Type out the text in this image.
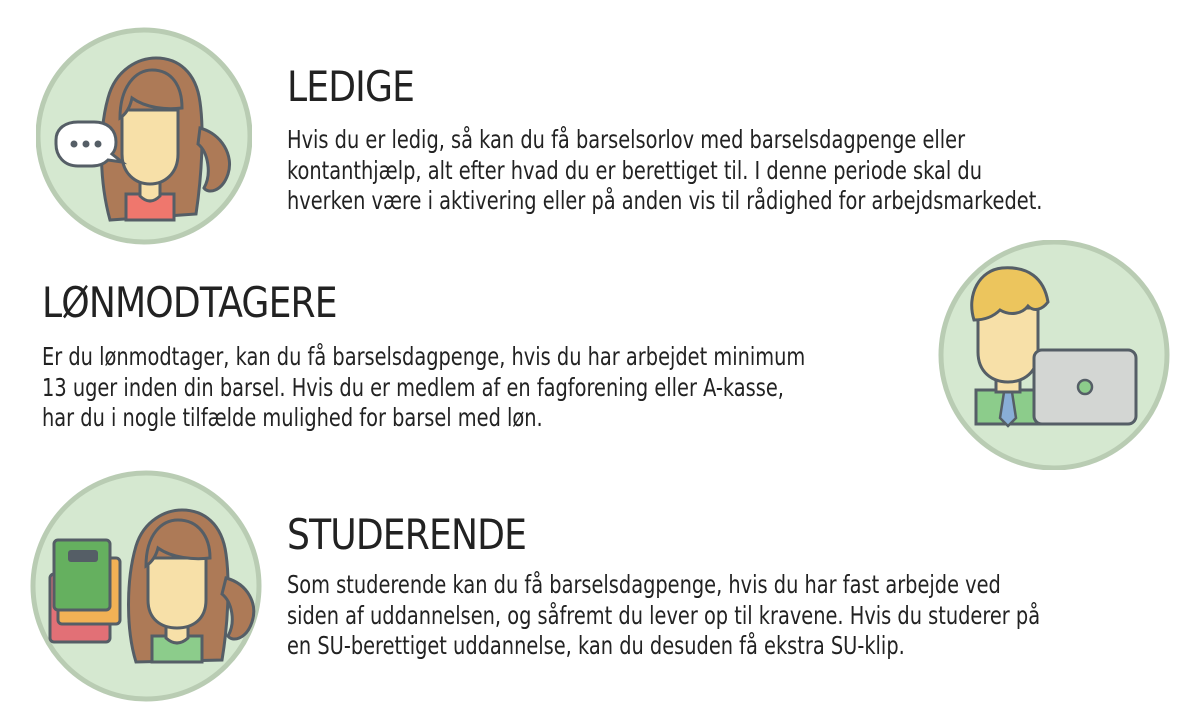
LEDIGE
Hvis du er ledig, så kan du få barselsorlov med barselsdagpenge eller
kontanthjælp, alt efter hvad du er berettiget til. I denne periode skal du
hverken være i aktivering eller på anden vis til rådighed for arbejdsmarkedet.
LØNMODTAGERE
Er du lønmodtager, kan du få barselsdagpenge, hvis du har arbejdet minimum
13 uger inden din barsel. Hvis du er medlem af en fagforening eller A-kasse,
har du i nogle tilfælde mulighed for barsel med løn.
STUDERENDE
Som studerende kan du få barselsdagpenge, hvis du har fast arbejde ved
siden af uddannelsen, og såfremt du lever op til kravene. Hvis du studerer på
en SU-berettiget uddannelse, kan du desuden få ekstra SU-klip.
